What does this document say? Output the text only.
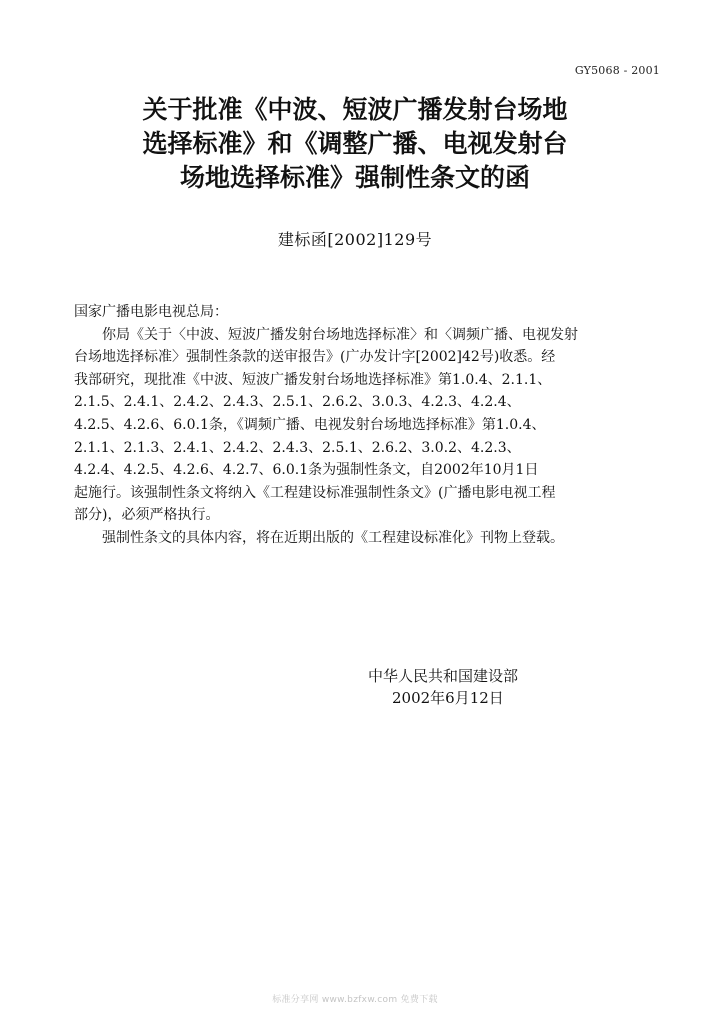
GY5068 - 2001
关于批准《中波、短波广播发射台场地
选择标准》和《调整广播、电视发射台
场地选择标准》强制性条文的函
建标函[2002]129号
国家广播电影电视总局：
　　你局《关于〈中波、短波广播发射台场地选择标准〉和〈调频广播、电视发射
台场地选择标准〉强制性条款的送审报告》(广办发计字[2002]42号)收悉。经
我部研究，现批准《中波、短波广播发射台场地选择标准》第1.0.4、2.1.1、
2.1.5、2.4.1、2.4.2、2.4.3、2.5.1、2.6.2、3.0.3、4.2.3、4.2.4、
4.2.5、4.2.6、6.0.1条，《调频广播、电视发射台场地选择标准》第1.0.4、
2.1.1、2.1.3、2.4.1、2.4.2、2.4.3、2.5.1、2.6.2、3.0.2、4.2.3、
4.2.4、4.2.5、4.2.6、4.2.7、6.0.1条为强制性条文，自2002年10月1日
起施行。该强制性条文将纳入《工程建设标准强制性条文》(广播电影电视工程
部分)，必须严格执行。
　　强制性条文的具体内容，将在近期出版的《工程建设标准化》刊物上登载。
中华人民共和国建设部
2002年6月12日
标准分享网 www.bzfxw.com 免费下载
